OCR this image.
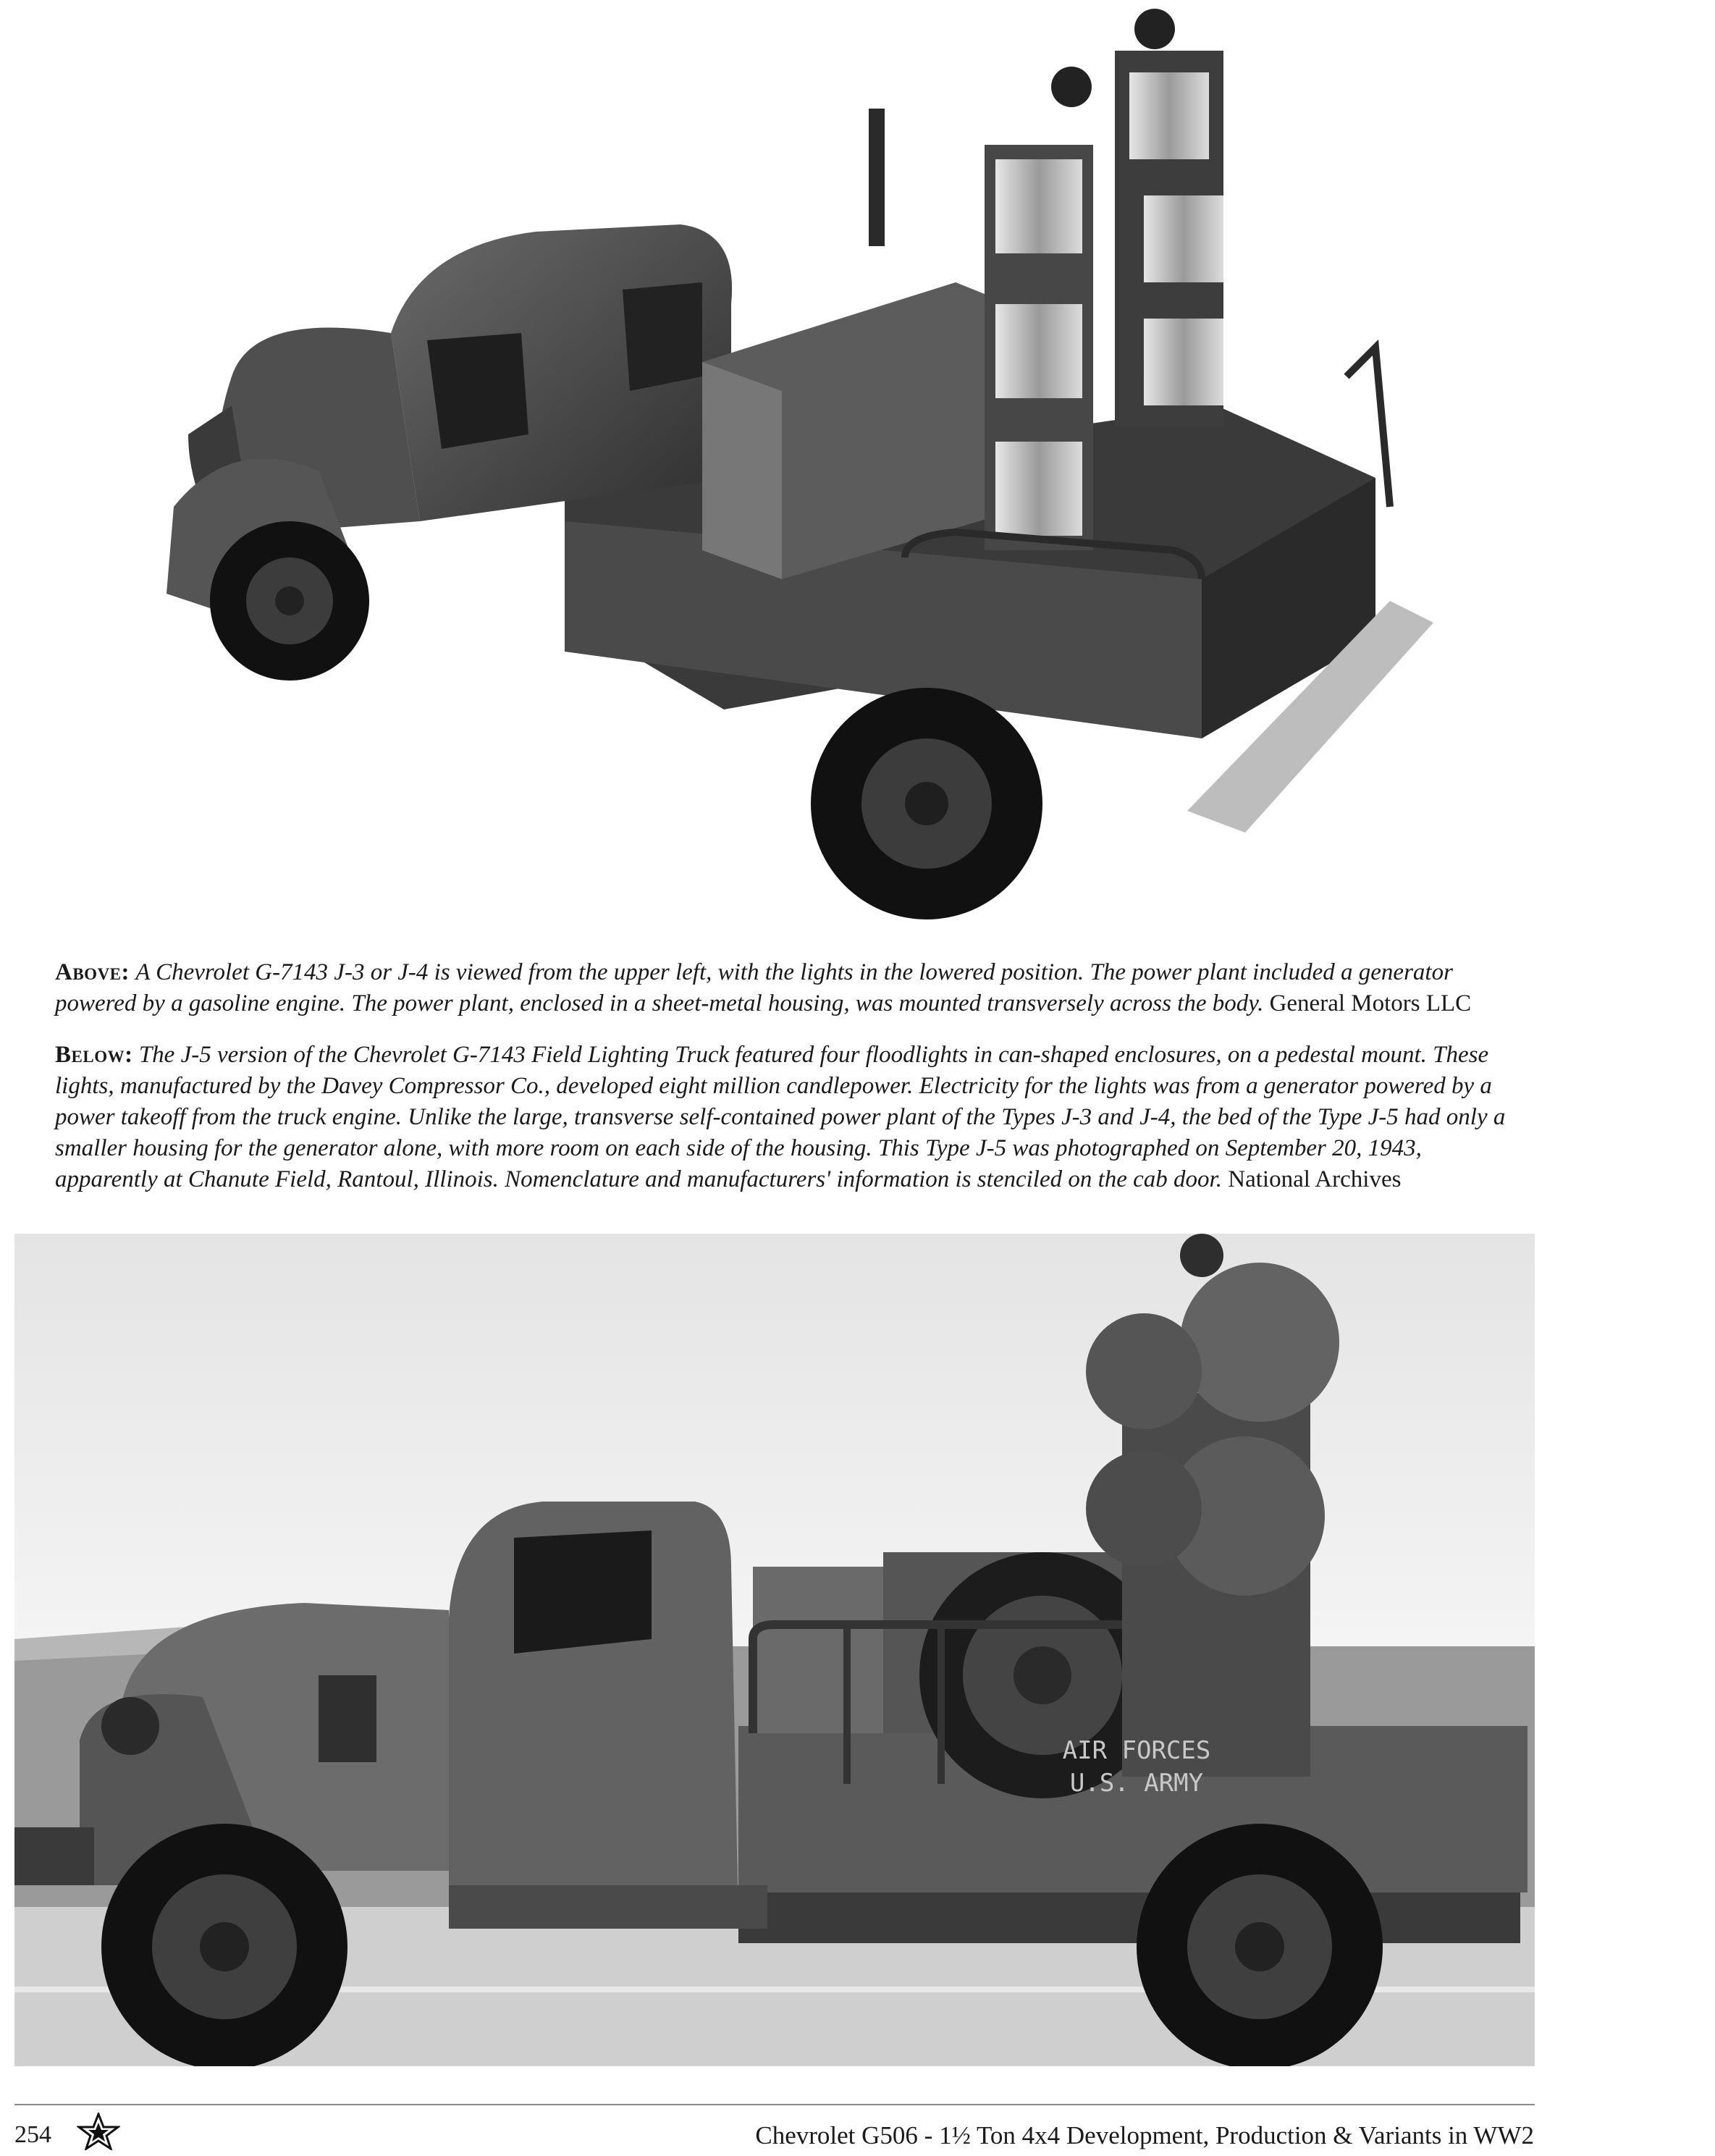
Above: A Chevrolet G-7143 J-3 or J-4 is viewed from the upper left, with the lights in the lowered position. The power plant included a generator powered by a gasoline engine. The power plant, enclosed in a sheet-metal housing, was mounted transversely across the body. General Motors LLC
Below: The J-5 version of the Chevrolet G-7143 Field Lighting Truck featured four floodlights in can-shaped enclosures, on a pedestal mount. These lights, manufactured by the Davey Compressor Co., developed eight million candlepower. Electricity for the lights was from a generator powered by a power takeoff from the truck engine. Unlike the large, transverse self-contained power plant of the Types J-3 and J-4, the bed of the Type J-5 had only a smaller housing for the generator alone, with more room on each side of the housing. This Type J-5 was photographed on September 20, 1943, apparently at Chanute Field, Rantoul, Illinois. Nomenclature and manufacturers' information is stenciled on the cab door. National Archives
AIR FORCES
U.S. ARMY
254	Chevrolet G506 - 1½ Ton 4x4 Development, Production & Variants in WW2
